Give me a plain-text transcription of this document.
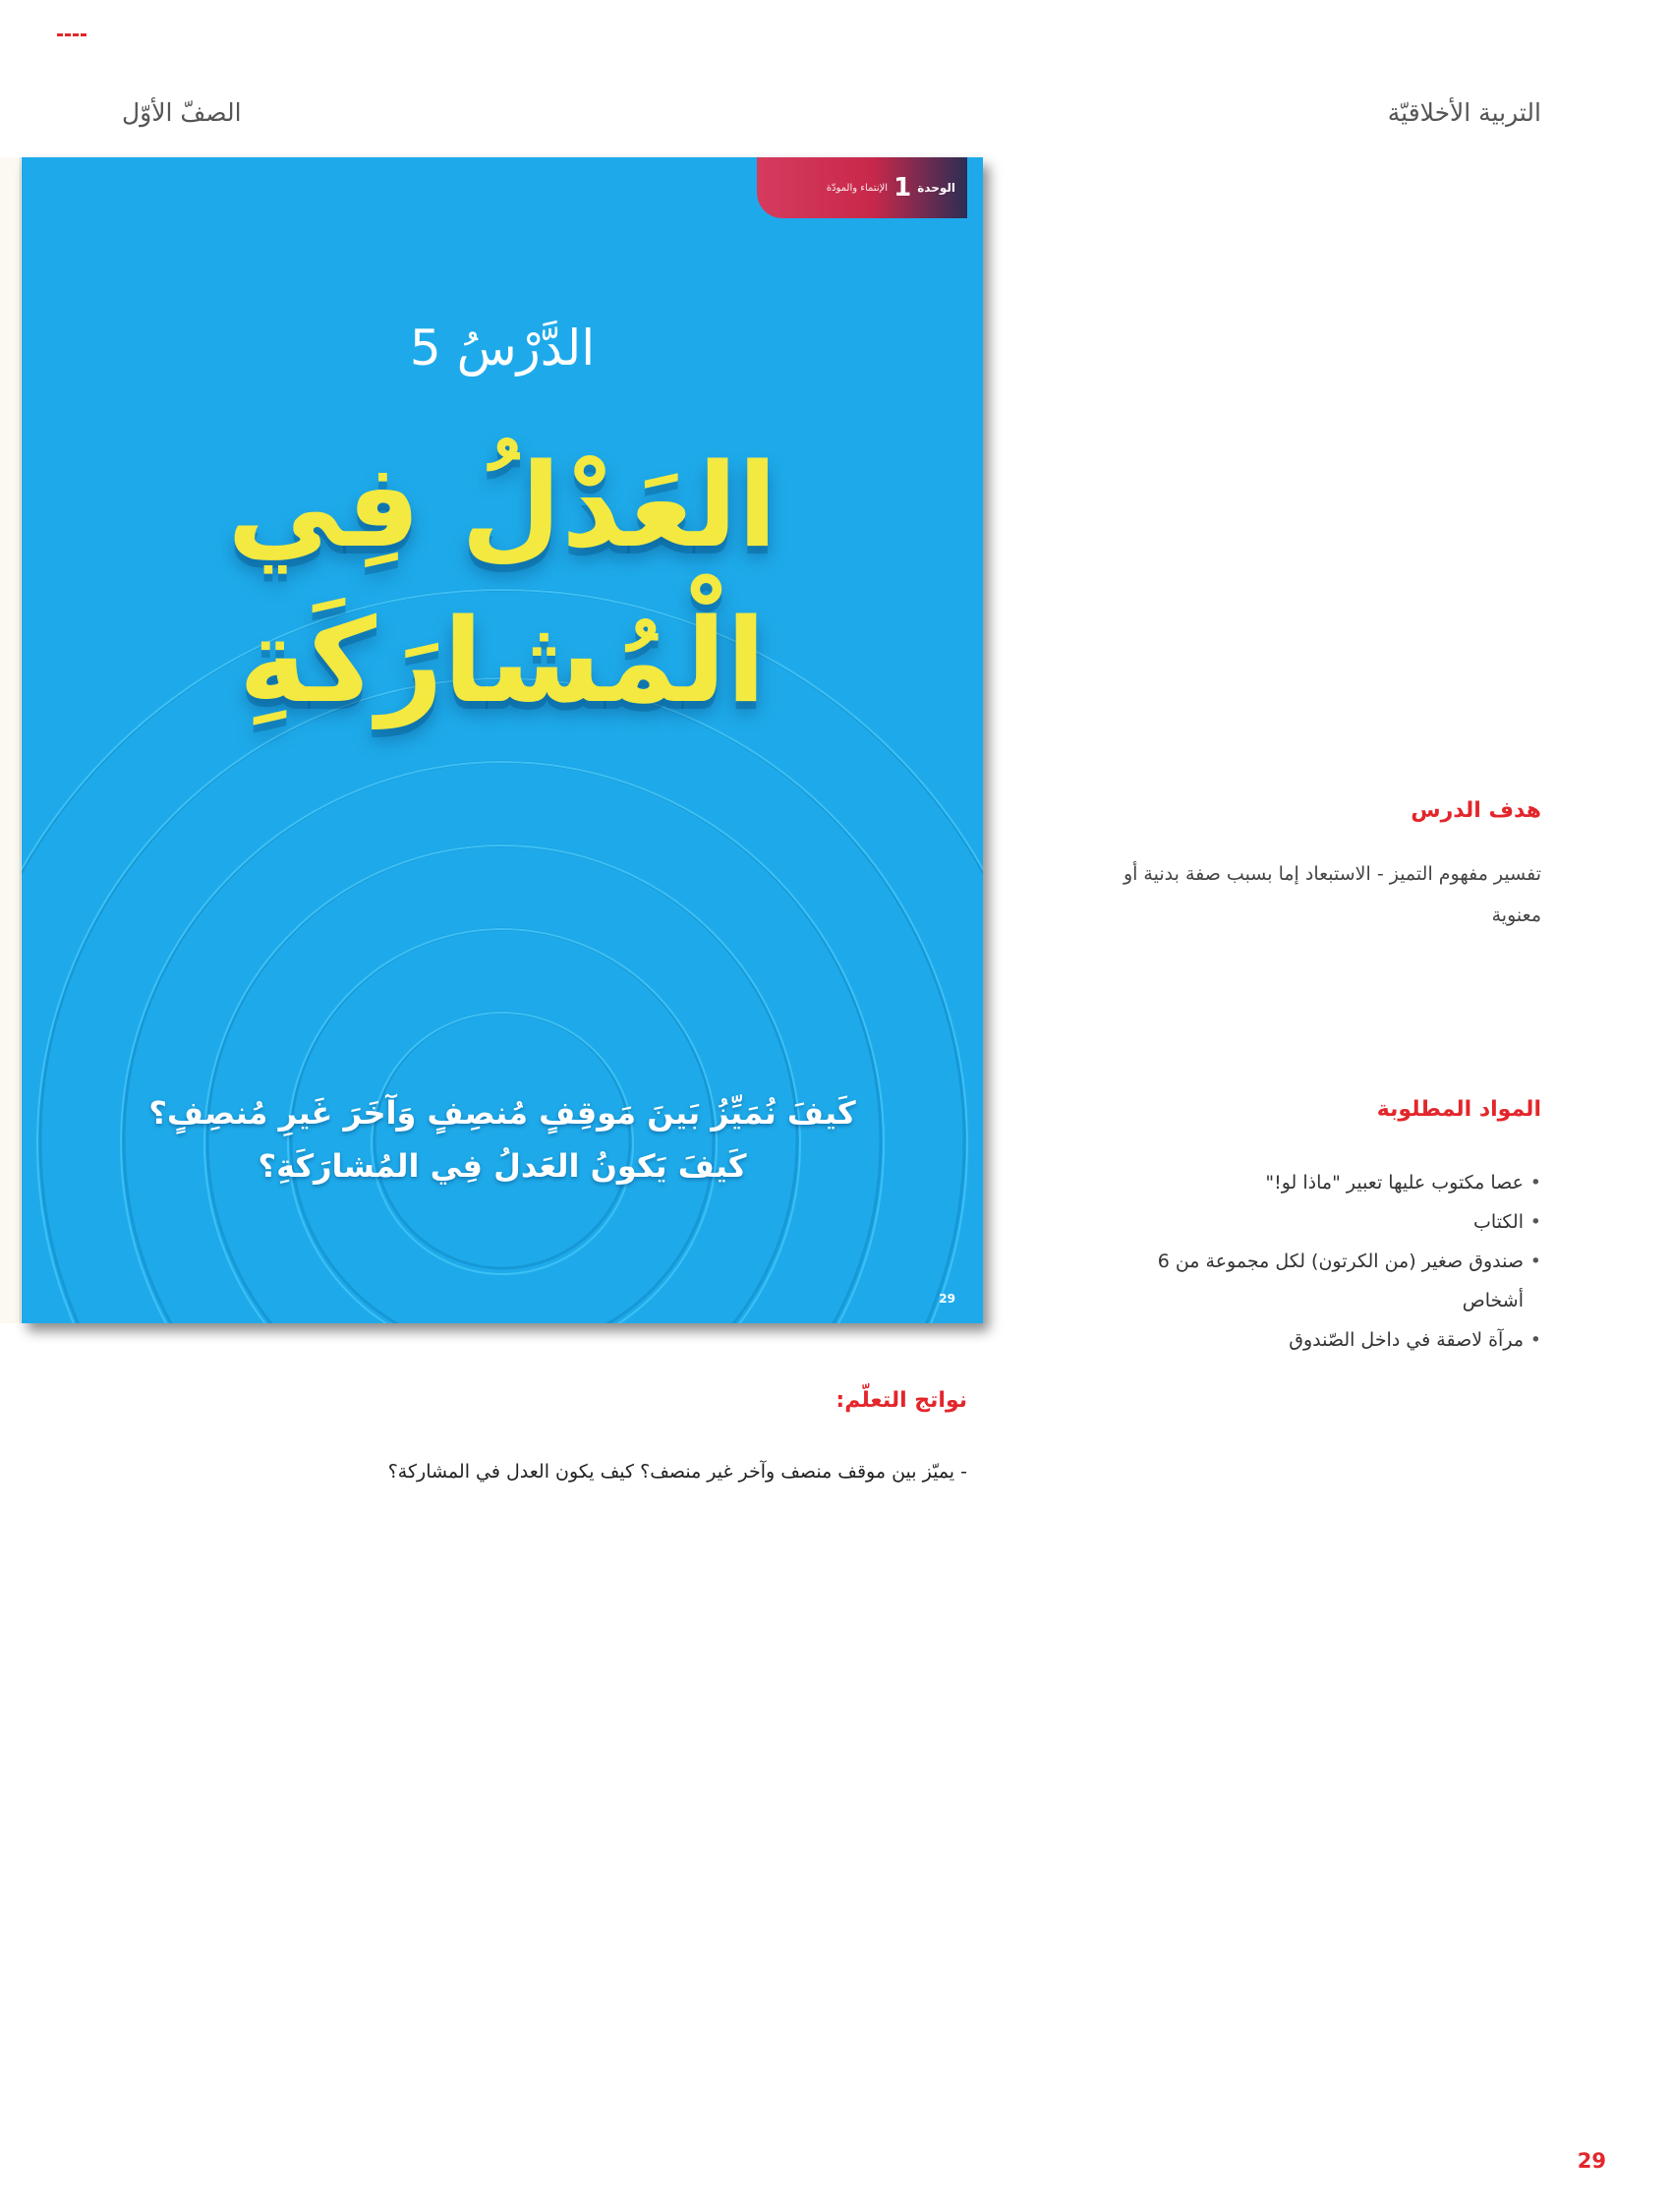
الصفّ الأوّل	التربية الأخلاقيّة
الوحدة
1
الإنتماء والمودّة
الدَّرْسُ 5
العَدْلُ فِي
الْمُشارَكَةِ
كَيفَ نُمَيِّزُ بَينَ مَوقِفٍ مُنصِفٍ وَآخَرَ غَيرِ مُنصِفٍ؟
كَيفَ يَكونُ العَدلُ فِي المُشارَكَةِ؟
29
هدف الدرس
تفسير مفهوم التميز - الاستبعاد إما بسبب صفة بدنية أو
معنوية
المواد المطلوبة
• عصا مكتوب عليها تعبير "ماذا لو!"
• الكتاب
• صندوق صغير (من الكرتون) لكل مجموعة من 6 أشخاص
• مرآة لاصقة في داخل الصّندوق
نواتج التعلّم:
- يميّز بين موقف منصف وآخر غير منصف؟ كيف يكون العدل في المشاركة؟
29
